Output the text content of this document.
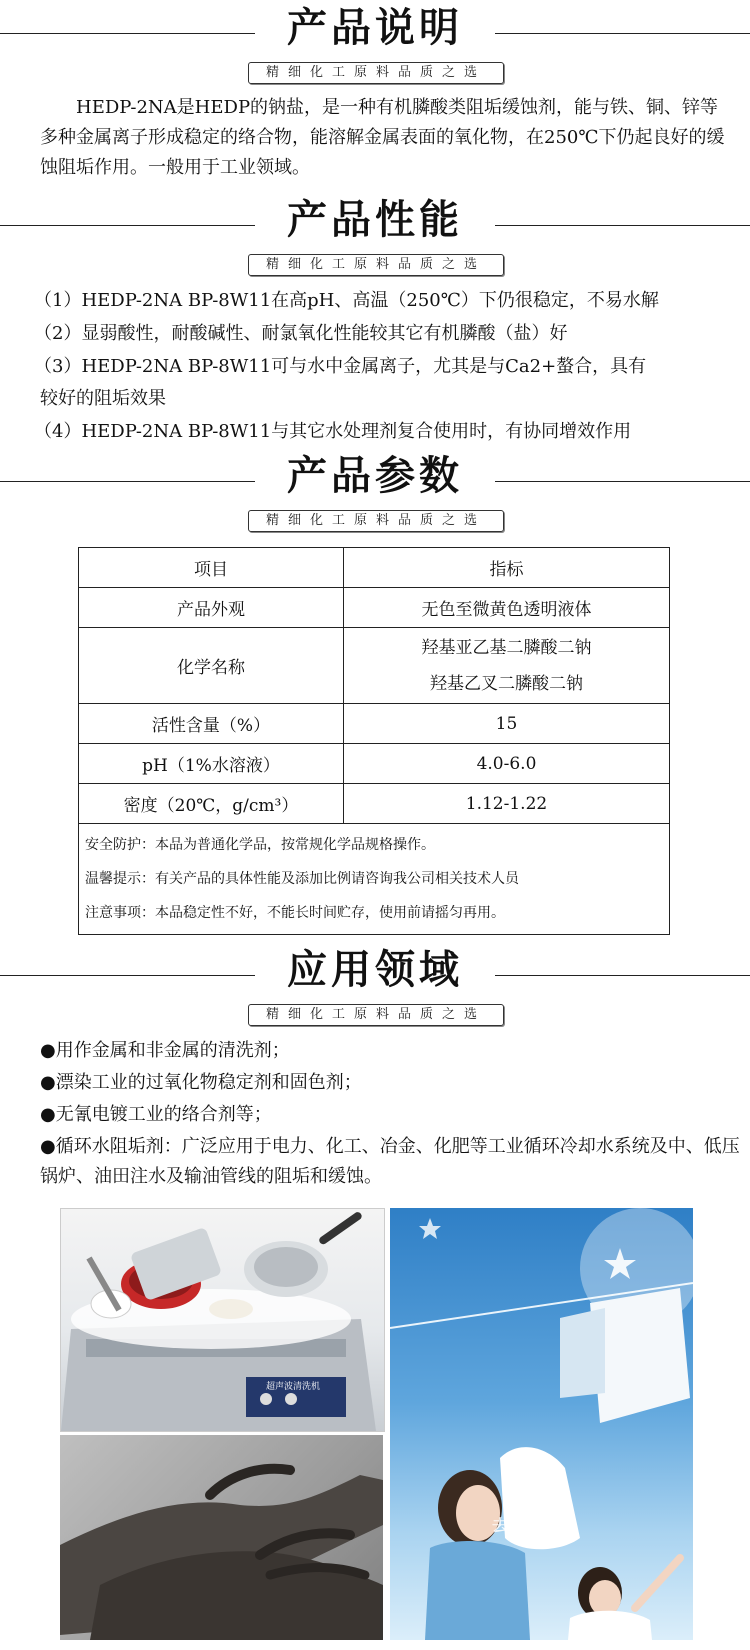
产品说明
精细化工原料品质之选
HEDP-2NA是HEDP的钠盐，是一种有机膦酸类阻垢缓蚀剂，能与铁、铜、锌等多种金属离子形成稳定的络合物，能溶解金属表面的氧化物，在250℃下仍起良好的缓蚀阻垢作用。一般用于工业领域。
产品性能
精细化工原料品质之选
（1）HEDP-2NA BP-8W11在高pH、高温（250℃）下仍很稳定，不易水解
（2）显弱酸性，耐酸碱性、耐氯氧化性能较其它有机膦酸（盐）好
（3）HEDP-2NA BP-8W11可与水中金属离子，尤其是与Ca2+螯合，具有
较好的阻垢效果
（4）HEDP-2NA BP-8W11与其它水处理剂复合使用时，有协同增效作用
产品参数
精细化工原料品质之选
项目	指标
产品外观	无色至微黄色透明液体
化学名称	羟基亚乙基二膦酸二钠
羟基乙叉二膦酸二钠

活性含量（%）	15
pH（1%水溶液）	4.0-6.0
密度（20℃，g/cm³）	1.12-1.22

安全防护：本品为普通化学品，按常规化学品规格操作。
温馨提示：有关产品的具体性能及添加比例请咨询我公司相关技术人员
注意事项：本品稳定性不好，不能长时间贮存，使用前请摇匀再用。	
应用领域
精细化工原料品质之选
●用作金属和非金属的清洗剂；
●漂染工业的过氧化物稳定剂和固色剂；
●无氰电镀工业的络合剂等；
●循环水阻垢剂：广泛应用于电力、化工、冶金、化肥等工业循环冷却水系统及中、低压锅炉、油田注水及输油管线的阻垢和缓蚀。
超声波清洗机
去渍
